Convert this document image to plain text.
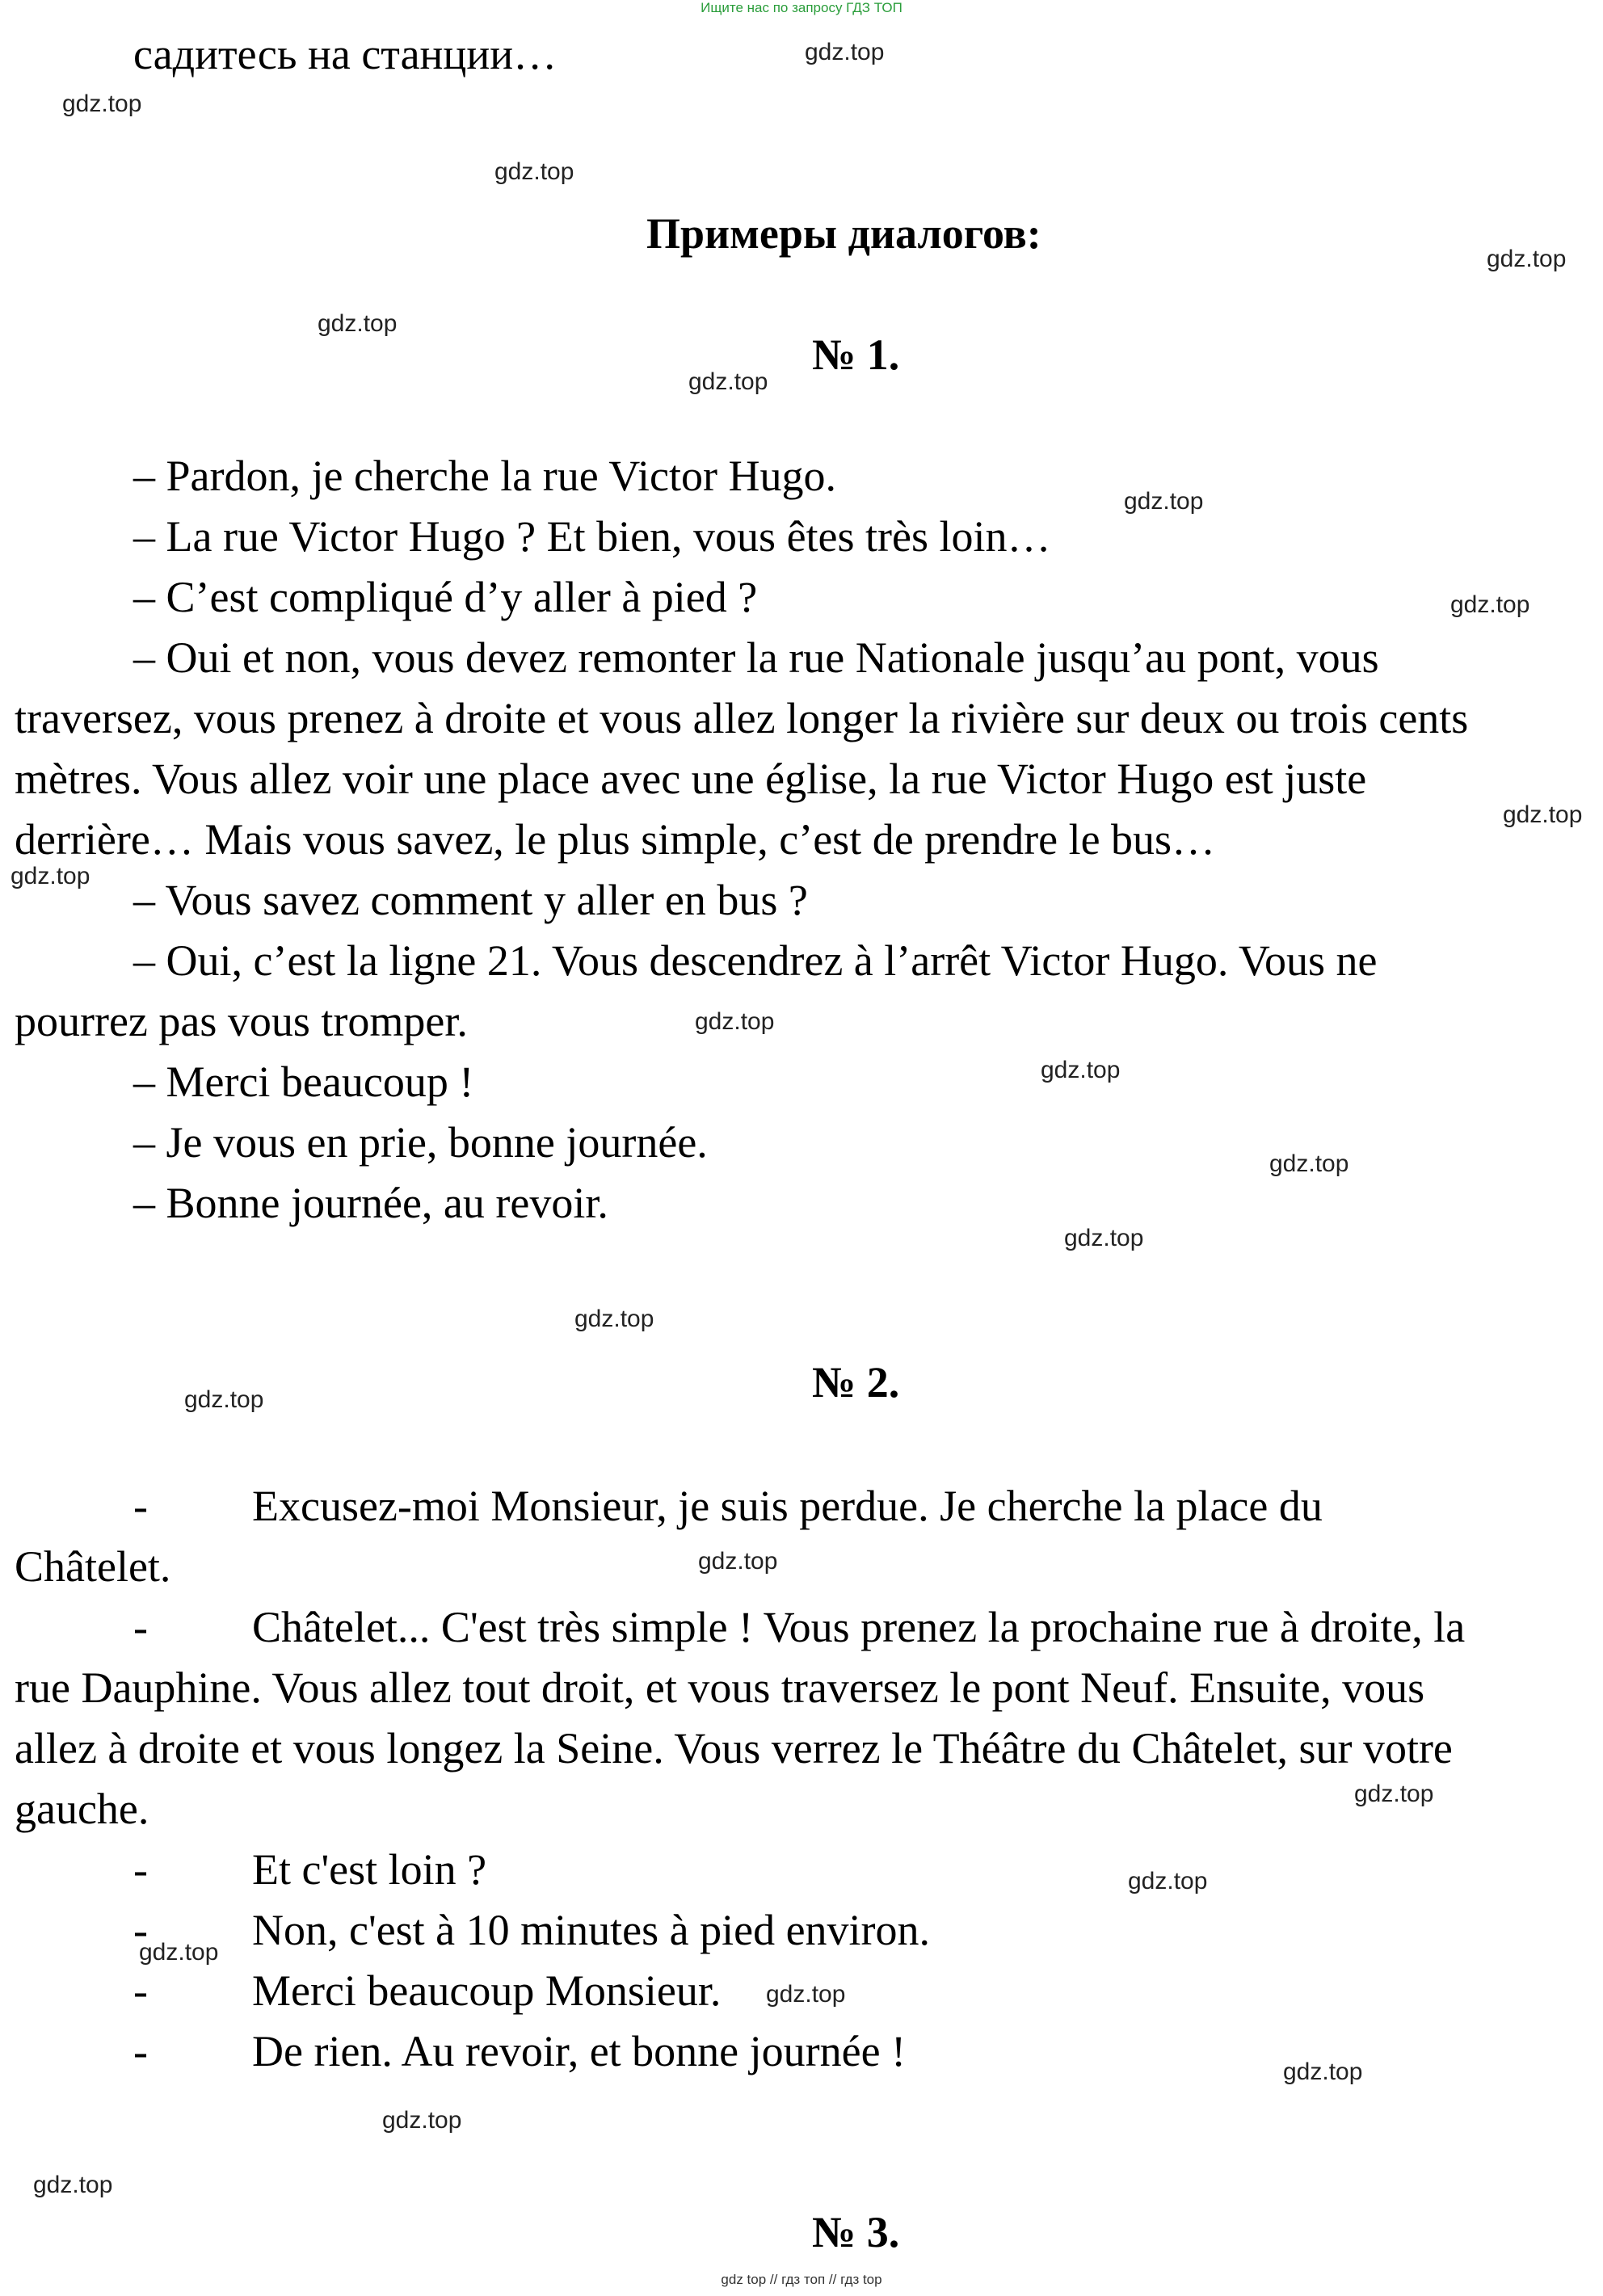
Ищите нас по запросу ГДЗ ТОП
садитесь на станции…
Примеры диалогов:
№ 1.
– Pardon, je cherche la rue Victor Hugo.
– La rue Victor Hugo ? Et bien, vous êtes très loin…
– C’est compliqué d’y aller à pied ?
– Oui et non, vous devez remonter la rue Nationale jusqu’au pont, vous
traversez, vous prenez à droite et vous allez longer la rivière sur deux ou trois cents
mètres. Vous allez voir une place avec une église, la rue Victor Hugo est juste
derrière… Mais vous savez, le plus simple, c’est de prendre le bus…
– Vous savez comment y aller en bus ?
– Oui, c’est la ligne 21. Vous descendrez à l’arrêt Victor Hugo. Vous ne
pourrez pas vous tromper.
– Merci beaucoup !
– Je vous en prie, bonne journée.
– Bonne journée, au revoir.
№ 2.
- Excusez-moi Monsieur, je suis perdue. Je cherche la place du
Châtelet.
- Châtelet... C'est très simple ! Vous prenez la prochaine rue à droite, la
rue Dauphine. Vous allez tout droit, et vous traversez le pont Neuf. Ensuite, vous
allez à droite et vous longez la Seine. Vous verrez le Théâtre du Châtelet, sur votre
gauche.
- Et c'est loin ?
- Non, c'est à 10 minutes à pied environ.
- Merci beaucoup Monsieur.
- De rien. Au revoir, et bonne journée !
№ 3.
gdz.top
gdz.top
gdz.top
gdz.top
gdz.top
gdz.top
gdz.top
gdz.top
gdz.top
gdz.top
gdz.top
gdz.top
gdz.top
gdz.top
gdz.top
gdz.top
gdz.top
gdz.top
gdz.top
gdz.top
gdz.top
gdz.top
gdz.top
gdz.top
gdz top // гдз топ // гдз top
